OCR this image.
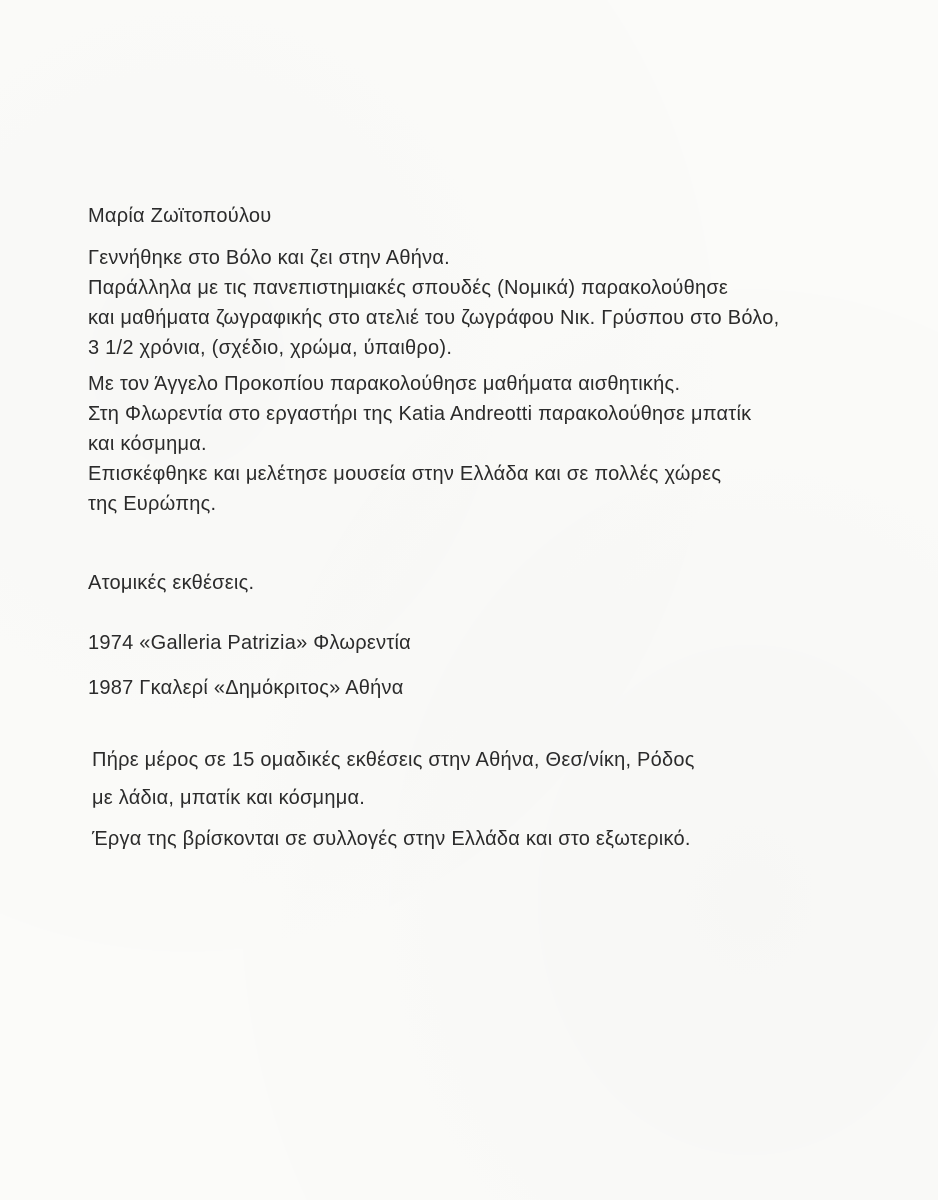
Μαρία Ζωϊτοπούλου

Γεννήθηκε στο Βόλο και ζει στην Αθήνα.
Παράλληλα με τις πανεπιστημιακές σπουδές (Νομικά) παρακολούθησε
και μαθήματα ζωγραφικής στο ατελιέ του ζωγράφου Νικ. Γρύσπου στο Βόλο,
3 1/2 χρόνια, (σχέδιο, χρώμα, ύπαιθρο).
Με τον Άγγελο Προκοπίου παρακολούθησε μαθήματα αισθητικής.
Στη Φλωρεντία στο εργαστήρι της Katia Andreotti παρακολούθησε μπατίκ
και κόσμημα.
Επισκέφθηκε και μελέτησε μουσεία στην Ελλάδα και σε πολλές χώρες
της Ευρώπης.

Ατομικές εκθέσεις.

1974 «Galleria Patrizia» Φλωρεντία

1987 Γκαλερί «Δημόκριτος» Αθήνα

Πήρε μέρος σε 15 ομαδικές εκθέσεις στην Αθήνα, Θεσ/νίκη, Ρόδος
με λάδια, μπατίκ και κόσμημα.

Έργα της βρίσκονται σε συλλογές στην Ελλάδα και στο εξωτερικό.
